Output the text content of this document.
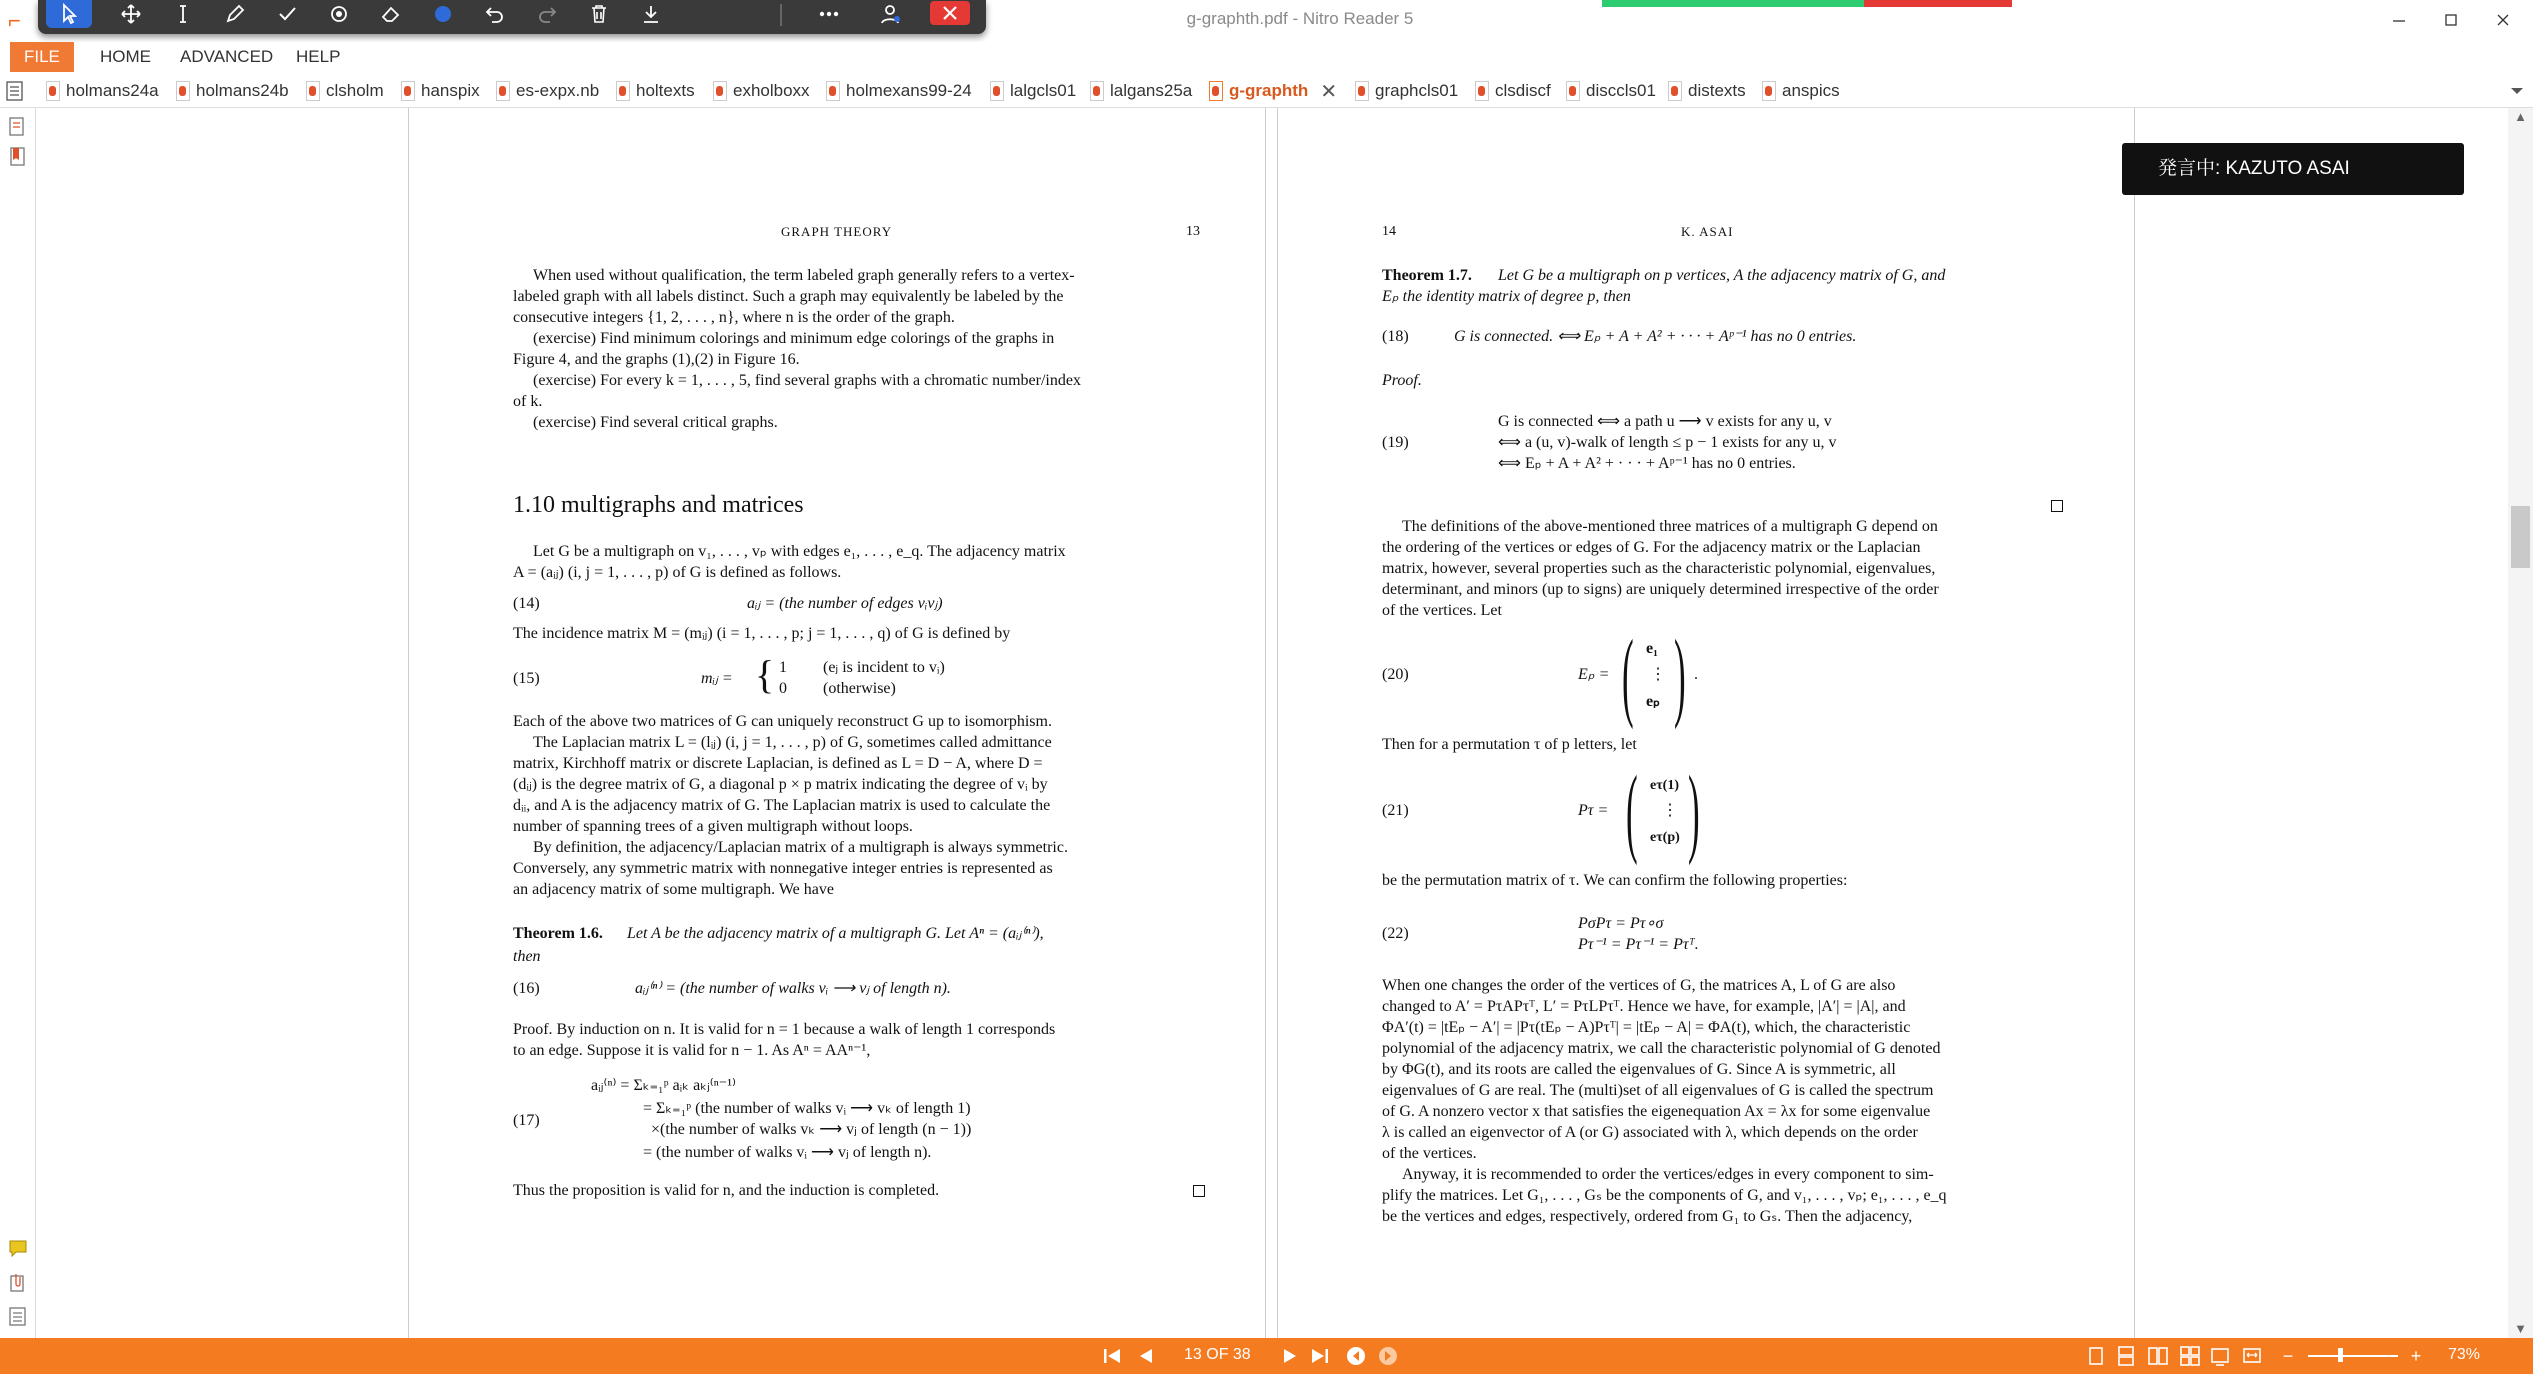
⌐	g-graphth.pdf - Nitro Reader 5
FILE	HOME ADVANCED HELP
holmans24a holmans24b clsholm hanspix es-expx.nb holtexts exholboxx holmexans99-24 lalgcls01 lalgans25a g-graphth ✕ graphcls01 clsdiscf disccls01 distexts anspics
GRAPH THEORY	13
When used without qualification, the term labeled graph generally refers to a vertex-
labeled graph with all labels distinct. Such a graph may equivalently be labeled by the
consecutive integers {1, 2, . . . , n}, where n is the order of the graph.
(exercise) Find minimum colorings and minimum edge colorings of the graphs in
Figure 4, and the graphs (1),(2) in Figure 16.
(exercise) For every k = 1, . . . , 5, find several graphs with a chromatic number/index
of k.
(exercise) Find several critical graphs.
1.10 multigraphs and matrices
Let G be a multigraph on v₁, . . . , vₚ with edges e₁, . . . , e_q. The adjacency matrix
A = (aᵢⱼ) (i, j = 1, . . . , p) of G is defined as follows.
(14)	aᵢⱼ = (the number of edges vᵢvⱼ)
The incidence matrix M = (mᵢⱼ) (i = 1, . . . , p; j = 1, . . . , q) of G is defined by
(15)	mᵢⱼ = { 1 (eⱼ is incident to vᵢ)
0 (otherwise)
Each of the above two matrices of G can uniquely reconstruct G up to isomorphism.
The Laplacian matrix L = (lᵢⱼ) (i, j = 1, . . . , p) of G, sometimes called admittance
matrix, Kirchhoff matrix or discrete Laplacian, is defined as L = D − A, where D =
(dᵢⱼ) is the degree matrix of G, a diagonal p × p matrix indicating the degree of vᵢ by
dᵢᵢ, and A is the adjacency matrix of G. The Laplacian matrix is used to calculate the
number of spanning trees of a given multigraph without loops.
By definition, the adjacency/Laplacian matrix of a multigraph is always symmetric.
Conversely, any symmetric matrix with nonnegative integer entries is represented as
an adjacency matrix of some multigraph. We have
Theorem 1.6. Let A be the adjacency matrix of a multigraph G. Let Aⁿ = (aᵢⱼ⁽ⁿ⁾),
then
(16)	aᵢⱼ⁽ⁿ⁾ = (the number of walks vᵢ ⟶ vⱼ of length n).
Proof. By induction on n. It is valid for n = 1 because a walk of length 1 corresponds
to an edge. Suppose it is valid for n − 1. As Aⁿ = AAⁿ⁻¹,
(17)
aᵢⱼ⁽ⁿ⁾ = Σₖ₌₁ᵖ aᵢₖ aₖⱼ⁽ⁿ⁻¹⁾
= Σₖ₌₁ᵖ (the number of walks vᵢ ⟶ vₖ of length 1)
×(the number of walks vₖ ⟶ vⱼ of length (n − 1))
= (the number of walks vᵢ ⟶ vⱼ of length n).
Thus the proposition is valid for n, and the induction is completed.
14	K. ASAI
Theorem 1.7. Let G be a multigraph on p vertices, A the adjacency matrix of G, and
Eₚ the identity matrix of degree p, then
(18)	G is connected. ⟺ Eₚ + A + A² + · · · + Aᵖ⁻¹ has no 0 entries.
Proof.
(19)
G is connected ⟺ a path u ⟶ v exists for any u, v
⟺ a (u, v)-walk of length ≤ p − 1 exists for any u, v
⟺ Eₚ + A + A² + · · · + Aᵖ⁻¹ has no 0 entries.
The definitions of the above-mentioned three matrices of a multigraph G depend on
the ordering of the vertices or edges of G. For the adjacency matrix or the Laplacian
matrix, however, several properties such as the characteristic polynomial, eigenvalues,
determinant, and minors (up to signs) are uniquely determined irrespective of the order
of the vertices. Let
(20)	Eₚ = ( e₁
⋮
eₚ ) .
Then for a permutation τ of p letters, let
(21)	Pτ = ( eτ(1)
⋮
eτ(p) )
be the permutation matrix of τ. We can confirm the following properties:
(22)
PσPτ = Pτ∘σ
Pτ⁻¹ = Pτ⁻¹ = Pτᵀ.
When one changes the order of the vertices of G, the matrices A, L of G are also
changed to A′ = PτAPτᵀ, L′ = PτLPτᵀ. Hence we have, for example, |A′| = |A|, and
ΦA′(t) = |tEₚ − A′| = |Pτ(tEₚ − A)Pτᵀ| = |tEₚ − A| = ΦA(t), which, the characteristic
polynomial of the adjacency matrix, we call the characteristic polynomial of G denoted
by ΦG(t), and its roots are called the eigenvalues of G. Since A is symmetric, all
eigenvalues of G are real. The (multi)set of all eigenvalues of G is called the spectrum
of G. A nonzero vector x that satisfies the eigenequation Ax = λx for some eigenvalue
λ is called an eigenvector of A (or G) associated with λ, which depends on the order
of the vertices.
Anyway, it is recommended to order the vertices/edges in every component to sim-
plify the matrices. Let G₁, . . . , Gₛ be the components of G, and v₁, . . . , vₚ; e₁, . . . , e_q
be the vertices and edges, respectively, ordered from G₁ to Gₛ. Then the adjacency,
発言中: KAZUTO ASAI
▲
▼
13 OF 38	−	+	73%
